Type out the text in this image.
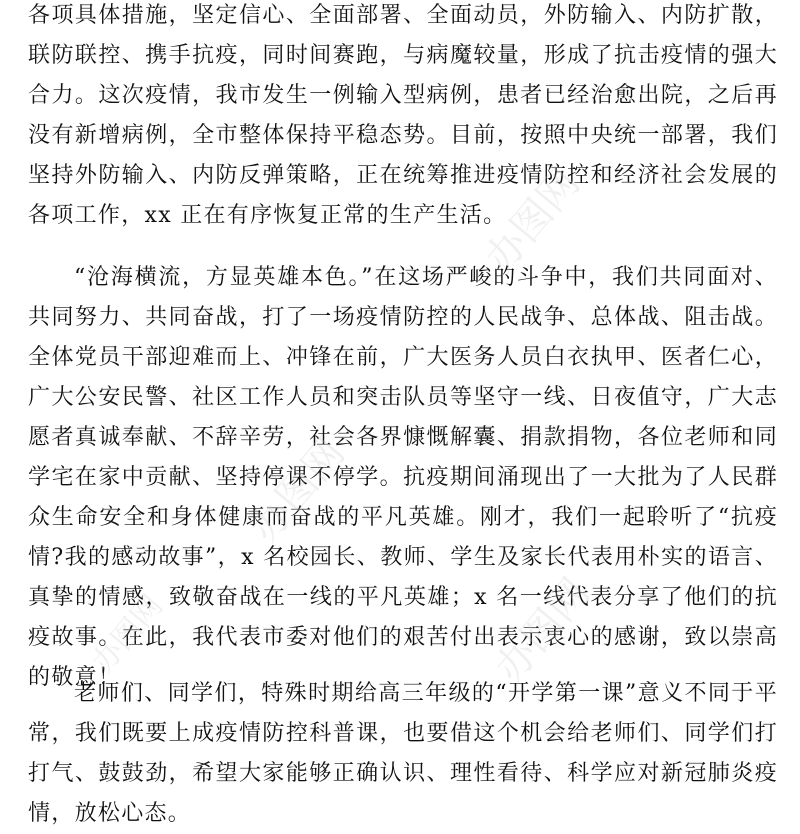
各项具体措施，坚定信心、全面部署、全面动员，外防输入、内防扩散，联防联控、携手抗疫，同时间赛跑，与病魔较量，形成了抗击疫情的强大合力。这次疫情，我市发生一例输入型病例，患者已经治愈出院，之后再没有新增病例，全市整体保持平稳态势。目前，按照中央统一部署，我们坚持外防输入、内防反弹策略，正在统筹推进疫情防控和经济社会发展的各项工作，xx 正在有序恢复正常的生产生活。

“沧海横流，方显英雄本色。”在这场严峻的斗争中，我们共同面对、共同努力、共同奋战，打了一场疫情防控的人民战争、总体战、阻击战。全体党员干部迎难而上、冲锋在前，广大医务人员白衣执甲、医者仁心，广大公安民警、社区工作人员和突击队员等坚守一线、日夜值守，广大志愿者真诚奉献、不辞辛劳，社会各界慷慨解囊、捐款捐物，各位老师和同学宅在家中贡献、坚持停课不停学。抗疫期间涌现出了一大批为了人民群众生命安全和身体健康而奋战的平凡英雄。刚才，我们一起聆听了“抗疫情?我的感动故事”，x 名校园长、教师、学生及家长代表用朴实的语言、真挚的情感，致敬奋战在一线的平凡英雄；x 名一线代表分享了他们的抗疫故事。在此，我代表市委对他们的艰苦付出表示衷心的感谢，致以崇高的敬意！

老师们、同学们，特殊时期给高三年级的“开学第一课”意义不同于平常，我们既要上成疫情防控科普课，也要借这个机会给老师们、同学们打打气、鼓鼓劲，希望大家能够正确认识、理性看待、科学应对新冠肺炎疫情，放松心态。

办图网
办图网
办图网
办图网
